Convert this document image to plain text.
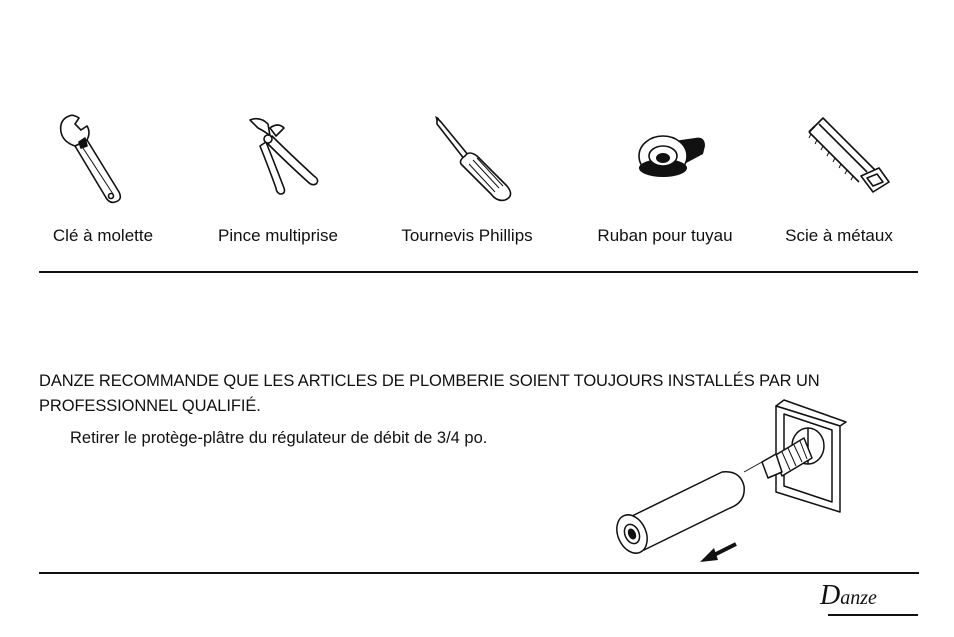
Clé à molette	Pince multiprise	Tournevis Phillips	Ruban pour tuyau	Scie à métaux
DANZE RECOMMANDE QUE LES ARTICLES DE PLOMBERIE SOIENT TOUJOURS INSTALLÉS PAR UN PROFESSIONNEL QUALIFIÉ.
Retirer le protège-plâtre du régulateur de débit de 3/4 po.
Danze
